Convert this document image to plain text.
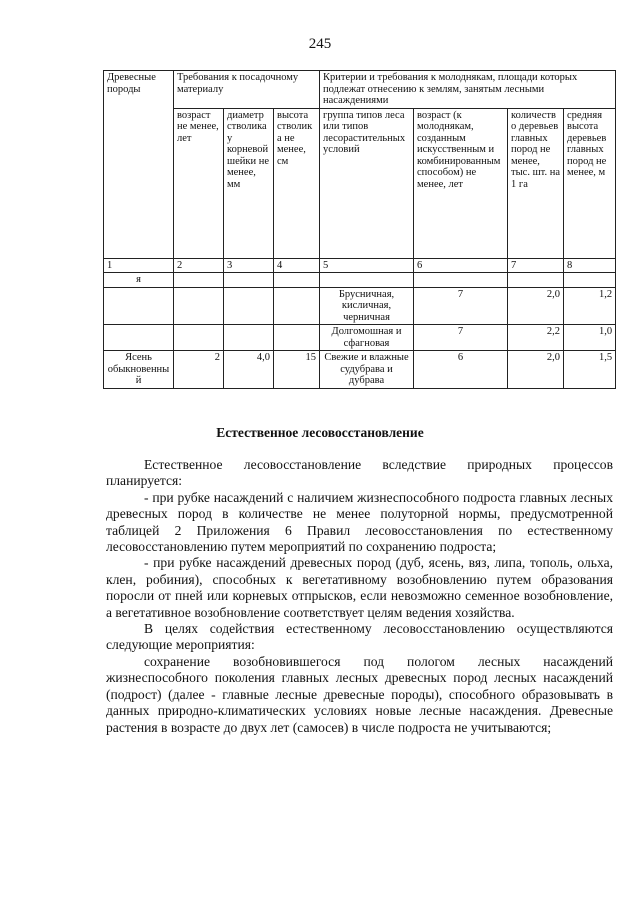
245
Древесные породы	Требования к посадочному материалу			Критерии и требования к молоднякам, площади которых подлежат отнесению к землям, занятым лесными насаждениями			
	возраст не менее, лет	диаметр стволика у корневой шейки не менее, мм	высота стволика не менее, см	группа типов леса или типов лесорастительных условий	возраст (к молоднякам, созданным искусственным и комбинированным способом) не менее, лет	количество деревьев главных пород не менее, тыс. шт. на 1 га	средняя высота деревьев главных пород не менее, м
1	2	3	4	5	6	7	8
я							
				Брусничная, кисличная, черничная	7	2,0	1,2
				Долгомошная и сфагновая	7	2,2	1,0
Ясень обыкновенный	2	4,0	15	Свежие и влажные судубрава и дубрава	6	2,0	1,5
Естественное лесовосстановление

Естественное лесовосстановление вследствие природных процессов планируется:

- при рубке насаждений с наличием жизнеспособного подроста главных лесных древесных пород в количестве не менее полуторной нормы, предусмотренной таблицей 2 Приложения 6 Правил лесовосстановления по естественному лесовосстановлению путем мероприятий по сохранению подроста;

- при рубке насаждений древесных пород (дуб, ясень, вяз, липа, тополь, ольха, клен, робиния), способных к вегетативному возобновлению путем образования поросли от пней или корневых отпрысков, если невозможно семенное возобновление, а вегетативное возобновление соответствует целям ведения хозяйства.

В целях содействия естественному лесовосстановлению осуществляются следующие мероприятия:

сохранение возобновившегося под пологом лесных насаждений жизнеспособного поколения главных лесных древесных пород лесных насаждений (подрост) (далее - главные лесные древесные породы), способного образовывать в данных природно-климатических условиях новые лесные насаждения. Древесные растения в возрасте до двух лет (самосев) в числе подроста не учитываются;
